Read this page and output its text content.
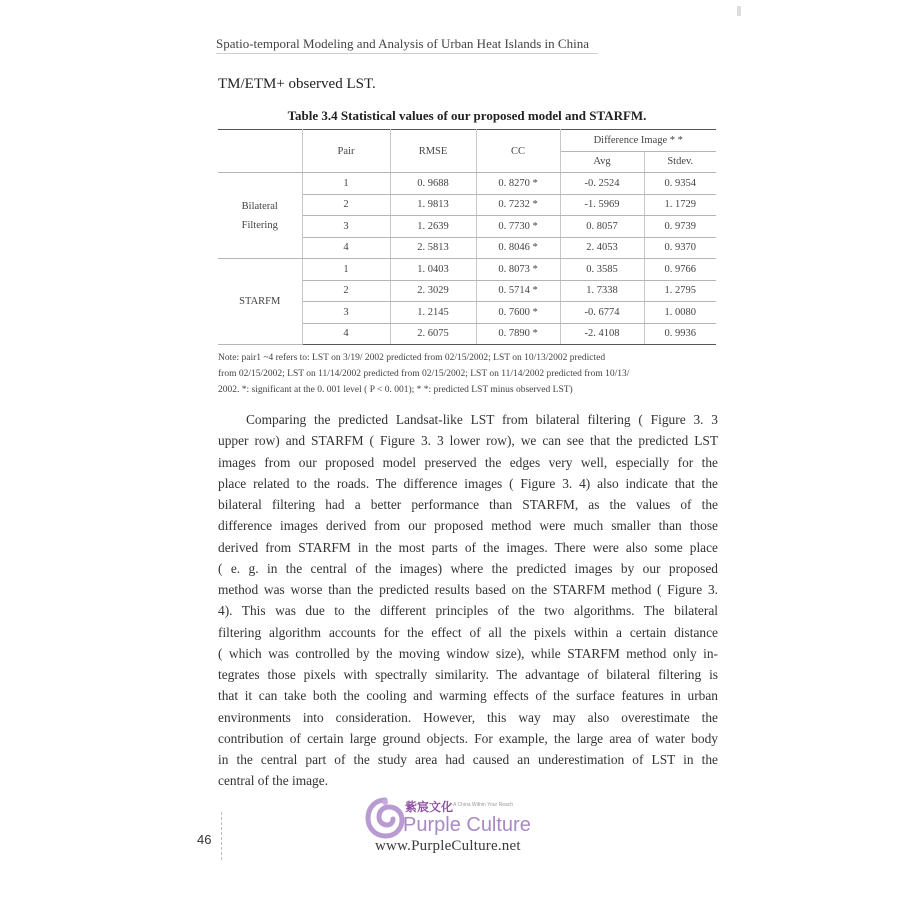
Spatio-temporal Modeling and Analysis of Urban Heat Islands in China
TM/ETM+ observed LST.
Table 3.4 Statistical values of our proposed model and STARFM.
	Pair	RMSE	CC	Difference Image * *	
				Avg	Stdev.
Bilateral
Filtering	1	0. 9688	0. 8270 *	-0. 2524	0. 9354
	2	1. 9813	0. 7232 *	-1. 5969	1. 1729
	3	1. 2639	0. 7730 *	0. 8057	0. 9739
	4	2. 5813	0. 8046 *	2. 4053	0. 9370
STARFM	1	1. 0403	0. 8073 *	0. 3585	0. 9766
	2	2. 3029	0. 5714 *	1. 7338	1. 2795
	3	1. 2145	0. 7600 *	-0. 6774	1. 0080
	4	2. 6075	0. 7890 *	-2. 4108	0. 9936
Note: pair1 ~4 refers to: LST on 3/19/ 2002 predicted from 02/15/2002; LST on 10/13/2002 predicted
from 02/15/2002; LST on 11/14/2002 predicted from 02/15/2002; LST on 11/14/2002 predicted from 10/13/
2002. *: significant at the 0. 001 level ( P < 0. 001); * *: predicted LST minus observed LST)
Comparing the predicted Landsat-like LST from bilateral filtering ( Figure 3. 3
upper row) and STARFM ( Figure 3. 3 lower row), we can see that the predicted LST
images from our proposed model preserved the edges very well, especially for the
place related to the roads. The difference images ( Figure 3. 4) also indicate that the
bilateral filtering had a better performance than STARFM, as the values of the
difference images derived from our proposed method were much smaller than those
derived from STARFM in the most parts of the images. There were also some place
( e. g. in the central of the images) where the predicted images by our proposed
method was worse than the predicted results based on the STARFM method ( Figure 3.
4). This was due to the different principles of the two algorithms. The bilateral
filtering algorithm accounts for the effect of all the pixels within a certain distance
( which was controlled by the moving window size), while STARFM method only in-
tegrates those pixels with spectrally similarity. The advantage of bilateral filtering is
that it can take both the cooling and warming effects of the surface features in urban
environments into consideration. However, this way may also overestimate the
contribution of certain large ground objects. For example, the large area of water body
in the central part of the study area had caused an underestimation of LST in the
central of the image.
46
紫宸文化 A China Within Your Reach
Purple Culture
www.PurpleCulture.net
